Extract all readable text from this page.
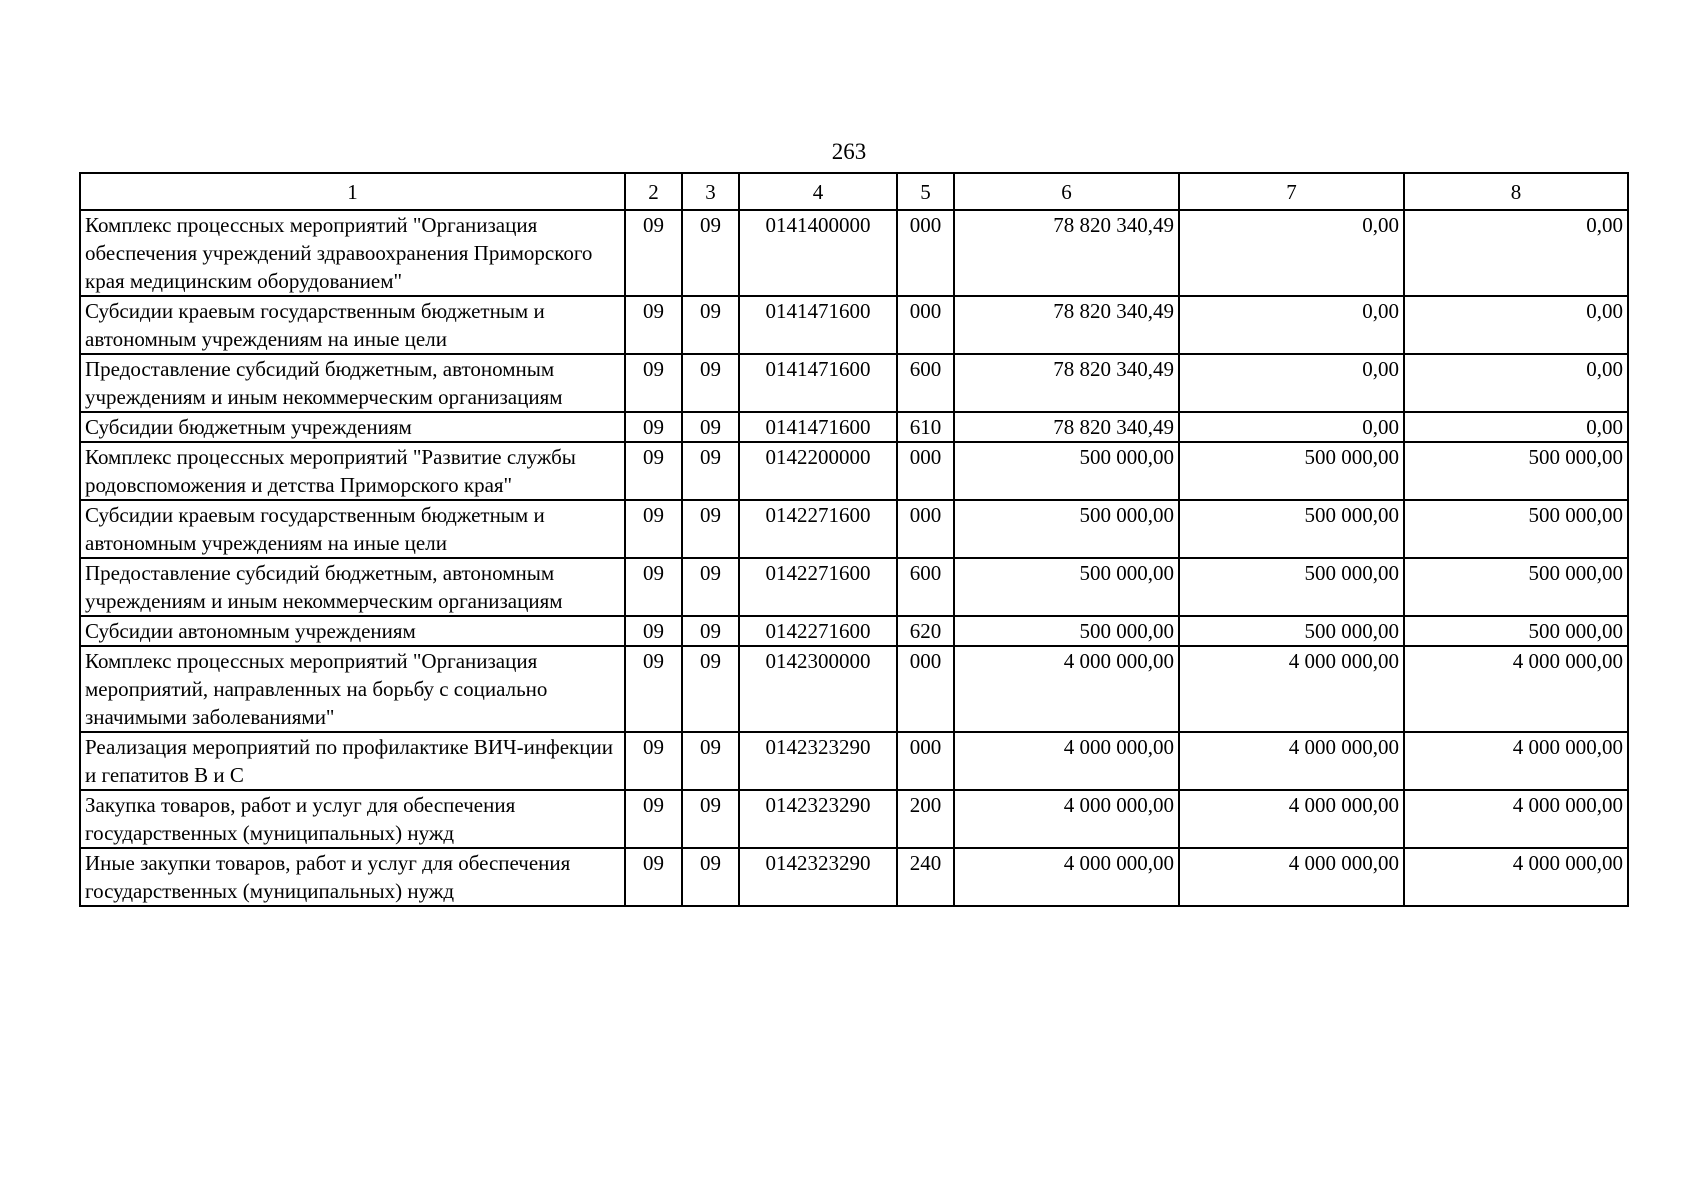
263
1	2	3	4	5	6	7	8
Комплекс процессных мероприятий "Организация обеспечения учреждений здравоохранения Приморского края медицинским оборудованием"	09	09	0141400000	000	78 820 340,49	0,00	0,00
Субсидии краевым государственным бюджетным и автономным учреждениям на иные цели	09	09	0141471600	000	78 820 340,49	0,00	0,00
Предоставление субсидий бюджетным, автономным учреждениям и иным некоммерческим организациям	09	09	0141471600	600	78 820 340,49	0,00	0,00
Субсидии бюджетным учреждениям	09	09	0141471600	610	78 820 340,49	0,00	0,00
Комплекс процессных мероприятий "Развитие службы родовспоможения и детства Приморского края"	09	09	0142200000	000	500 000,00	500 000,00	500 000,00
Субсидии краевым государственным бюджетным и автономным учреждениям на иные цели	09	09	0142271600	000	500 000,00	500 000,00	500 000,00
Предоставление субсидий бюджетным, автономным учреждениям и иным некоммерческим организациям	09	09	0142271600	600	500 000,00	500 000,00	500 000,00
Субсидии автономным учреждениям	09	09	0142271600	620	500 000,00	500 000,00	500 000,00
Комплекс процессных мероприятий "Организация мероприятий, направленных на борьбу с социально значимыми заболеваниями"	09	09	0142300000	000	4 000 000,00	4 000 000,00	4 000 000,00
Реализация мероприятий по профилактике ВИЧ-инфекции и гепатитов В и С	09	09	0142323290	000	4 000 000,00	4 000 000,00	4 000 000,00
Закупка товаров, работ и услуг для обеспечения государственных (муниципальных) нужд	09	09	0142323290	200	4 000 000,00	4 000 000,00	4 000 000,00
Иные закупки товаров, работ и услуг для обеспечения государственных (муниципальных) нужд	09	09	0142323290	240	4 000 000,00	4 000 000,00	4 000 000,00
